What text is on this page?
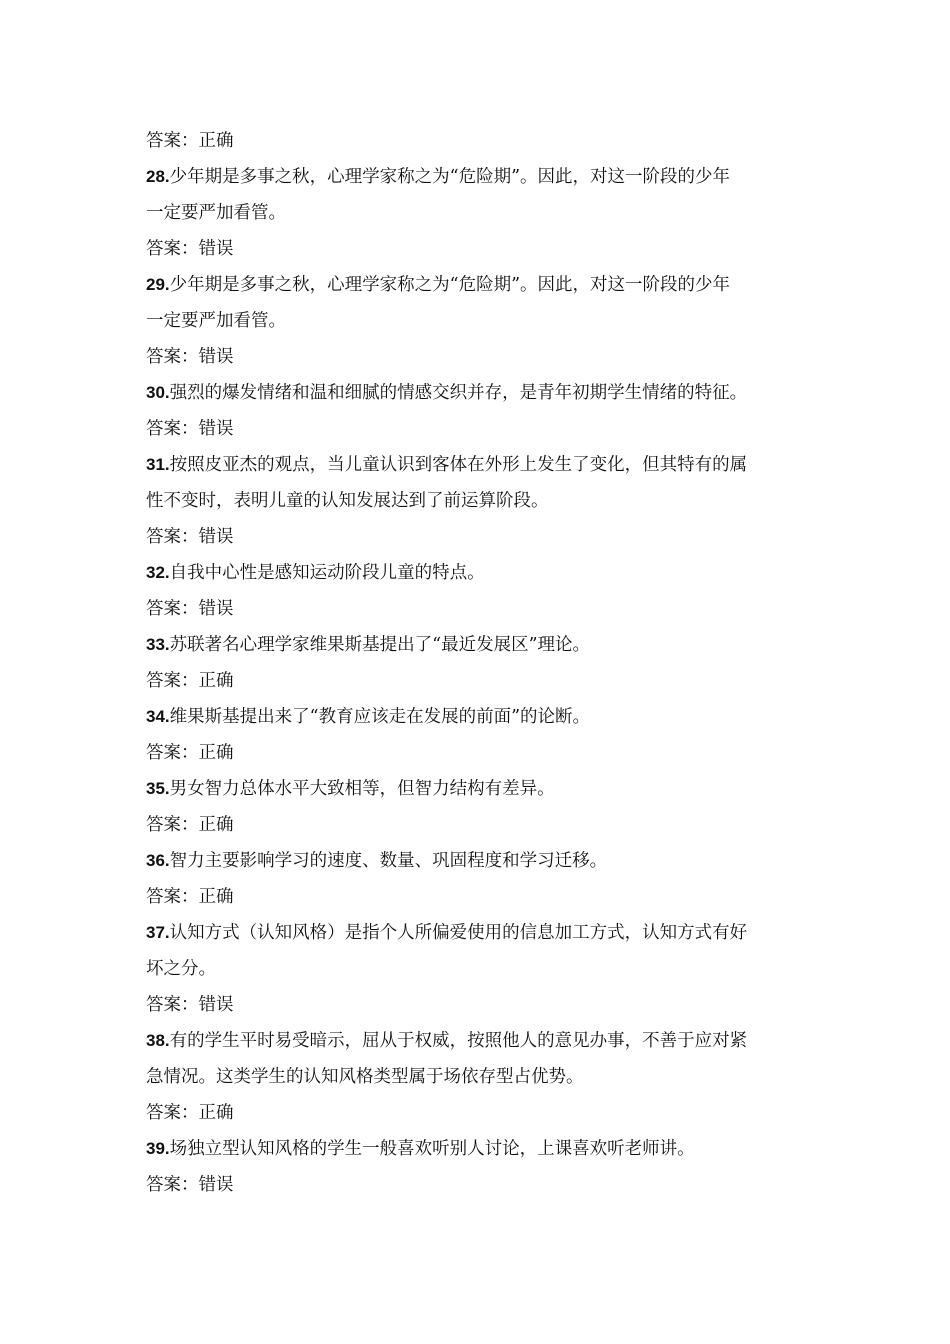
答案：正确
28.少年期是多事之秋，心理学家称之为“危险期”。因此，对这一阶段的少年
一定要严加看管。
答案：错误
29.少年期是多事之秋，心理学家称之为“危险期”。因此，对这一阶段的少年
一定要严加看管。
答案：错误
30.强烈的爆发情绪和温和细腻的情感交织并存，是青年初期学生情绪的特征。
答案：错误
31.按照皮亚杰的观点，当儿童认识到客体在外形上发生了变化，但其特有的属
性不变时，表明儿童的认知发展达到了前运算阶段。
答案：错误
32.自我中心性是感知运动阶段儿童的特点。
答案：错误
33.苏联著名心理学家维果斯基提出了“最近发展区”理论。
答案：正确
34.维果斯基提出来了“教育应该走在发展的前面”的论断。
答案：正确
35.男女智力总体水平大致相等，但智力结构有差异。
答案：正确
36.智力主要影响学习的速度、数量、巩固程度和学习迁移。
答案：正确
37.认知方式（认知风格）是指个人所偏爱使用的信息加工方式，认知方式有好
坏之分。
答案：错误
38.有的学生平时易受暗示，屈从于权威，按照他人的意见办事，不善于应对紧
急情况。这类学生的认知风格类型属于场依存型占优势。
答案：正确
39.场独立型认知风格的学生一般喜欢听别人讨论，上课喜欢听老师讲。
答案：错误
